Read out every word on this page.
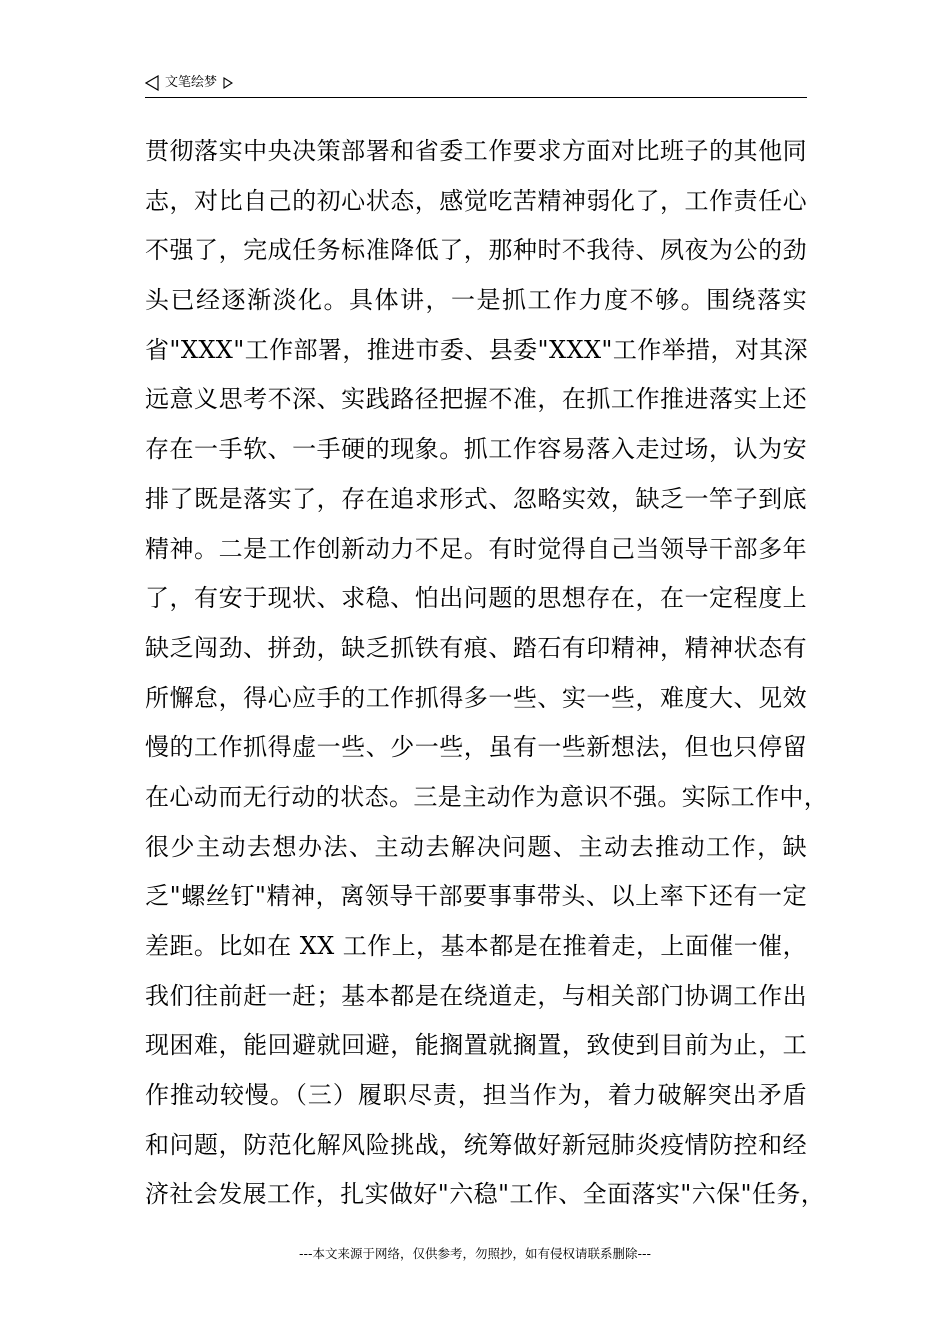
文笔绘梦
贯彻落实中央决策部署和省委工作要求方面对比班子的其他同
志，对比自己的初心状态，感觉吃苦精神弱化了，工作责任心
不强了，完成任务标准降低了，那种时不我待、夙夜为公的劲
头已经逐渐淡化。具体讲，一是抓工作力度不够。围绕落实
省"XXX"工作部署，推进市委、县委"XXX"工作举措，对其深
远意义思考不深、实践路径把握不准，在抓工作推进落实上还
存在一手软、一手硬的现象。抓工作容易落入走过场，认为安
排了既是落实了，存在追求形式、忽略实效，缺乏一竿子到底
精神。二是工作创新动力不足。有时觉得自己当领导干部多年
了，有安于现状、求稳、怕出问题的思想存在，在一定程度上
缺乏闯劲、拼劲，缺乏抓铁有痕、踏石有印精神，精神状态有
所懈怠，得心应手的工作抓得多一些、实一些，难度大、见效
慢的工作抓得虚一些、少一些，虽有一些新想法，但也只停留
在心动而无行动的状态。三是主动作为意识不强。实际工作中，
很少主动去想办法、主动去解决问题、主动去推动工作，缺
乏"螺丝钉"精神，离领导干部要事事带头、以上率下还有一定
差距。比如在 XX 工作上，基本都是在推着走，上面催一催，
我们往前赶一赶；基本都是在绕道走，与相关部门协调工作出
现困难，能回避就回避，能搁置就搁置，致使到目前为止，工
作推动较慢。（三）履职尽责，担当作为，着力破解突出矛盾
和问题，防范化解风险挑战，统筹做好新冠肺炎疫情防控和经
济社会发展工作，扎实做好"六稳"工作、全面落实"六保"任务，
---本文来源于网络，仅供参考，勿照抄，如有侵权请联系删除---
